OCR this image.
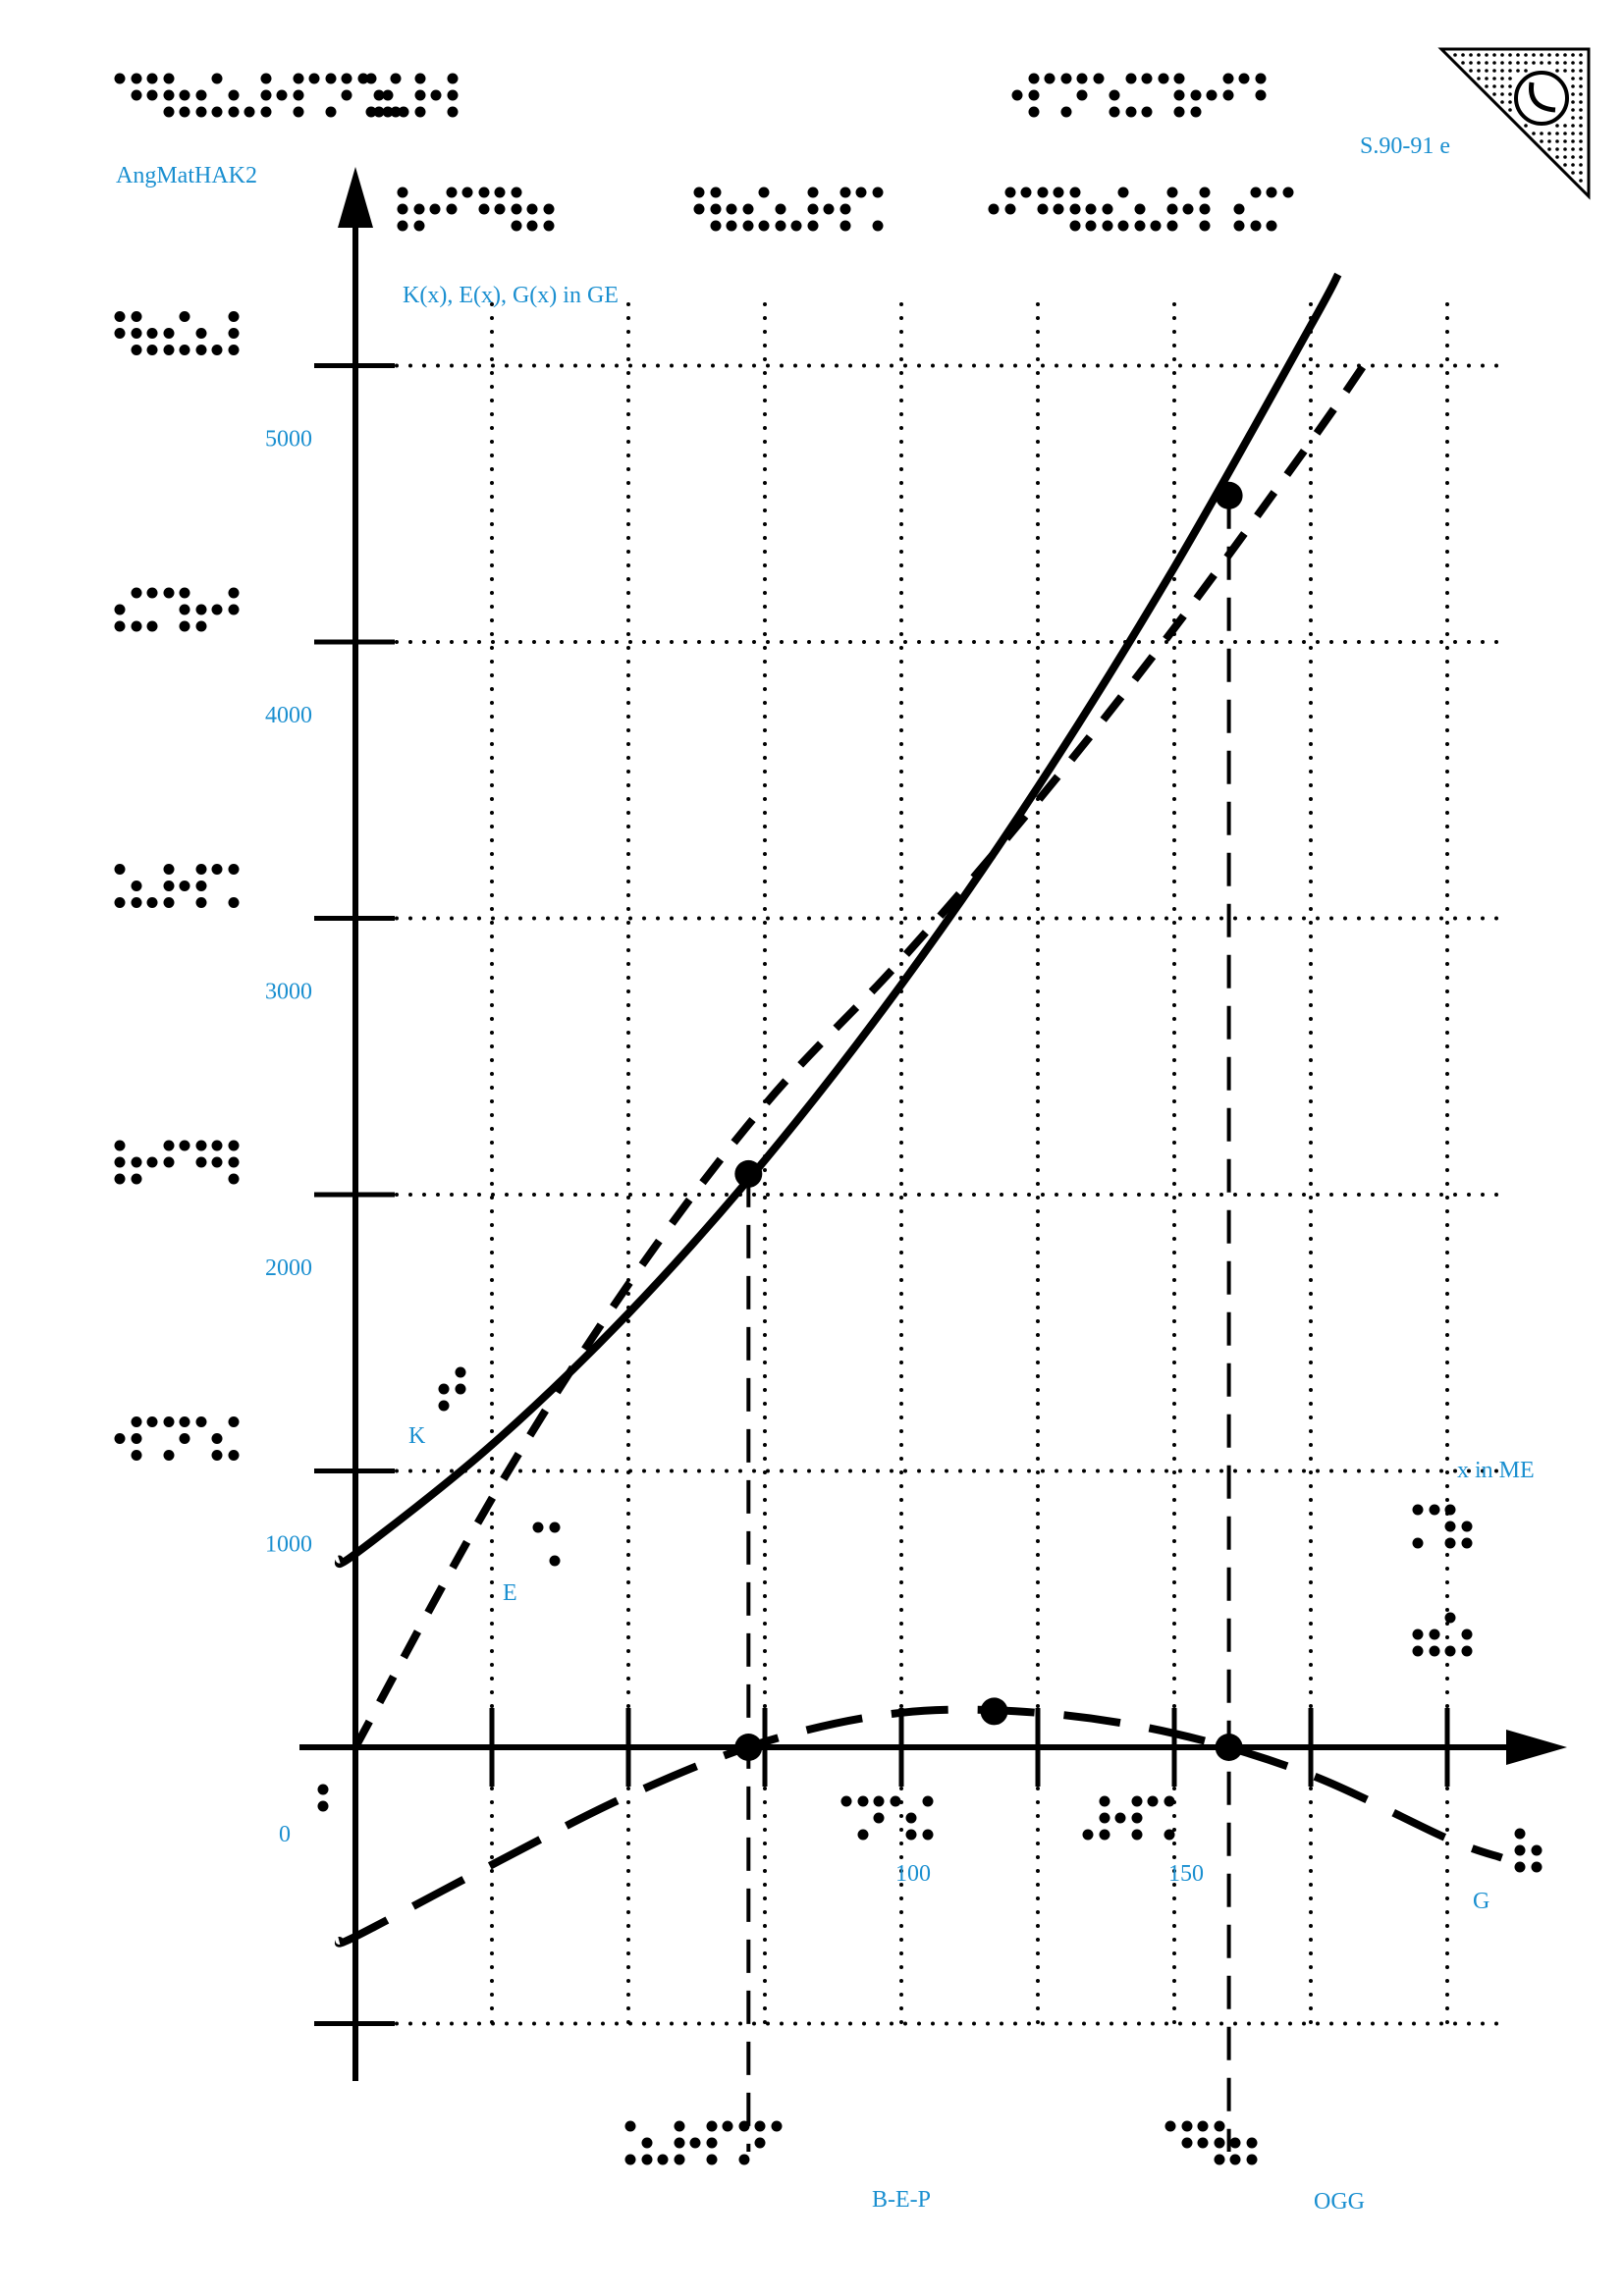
AngMatHAK2
S.90-91 e
K(x), E(x), G(x) in GE
x in ME
B-E-P	OGG
K
E
G
1000
2000
3000
4000
5000
0
100	150
